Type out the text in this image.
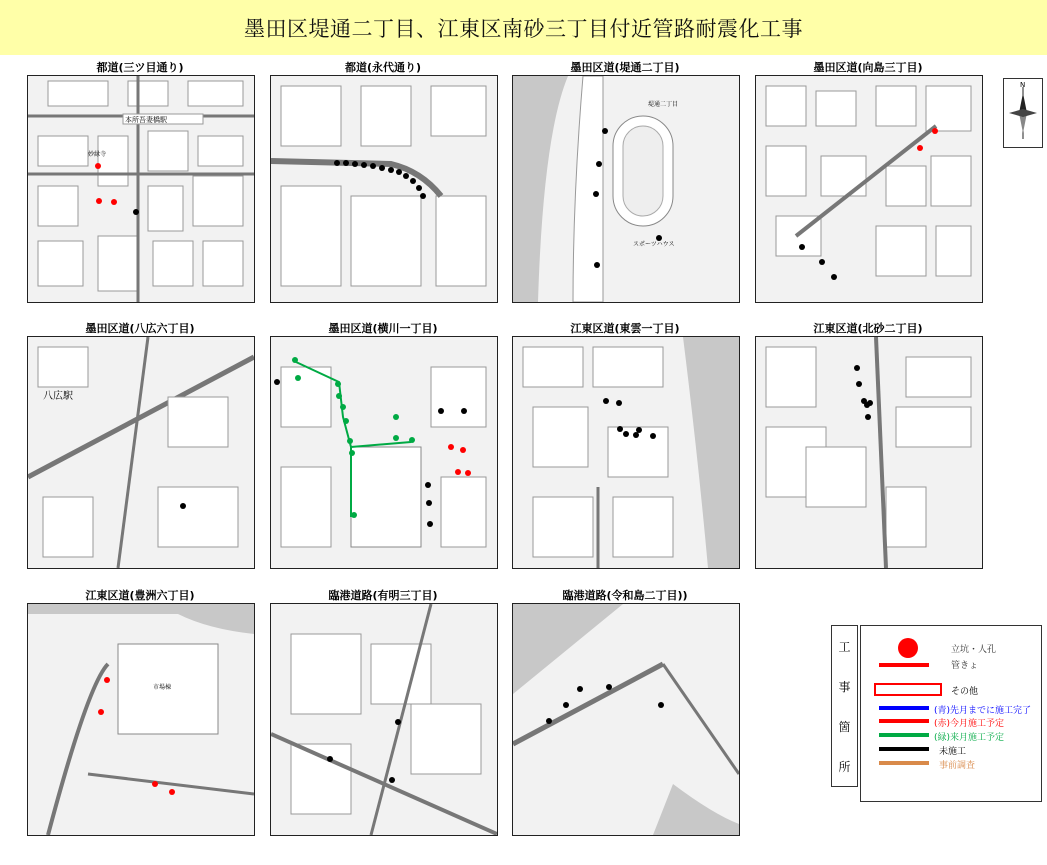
墨田区堤通二丁目、江東区南砂三丁目付近管路耐震化工事
都道(三ツ目通り)
本所吾妻橋駅
妙縁寺
都道(永代通り)	墨田区道(堤通二丁目)
堤通二丁目
スポーツハウス
墨田区道(向島三丁目)
N
墨田区道(八広六丁目)
八広駅
墨田区道(横川一丁目)	江東区道(東雲一丁目)	江東区道(北砂二丁目)
江東区道(豊洲六丁目)
市場棟
臨港道路(有明三丁目)	臨港道路(令和島二丁目))
工
事
箇
所
立坑・人孔
管きょ
その他
(青)先月までに施工完了
(赤)今月施工予定
(緑)来月施工予定
未施工
事前調査
